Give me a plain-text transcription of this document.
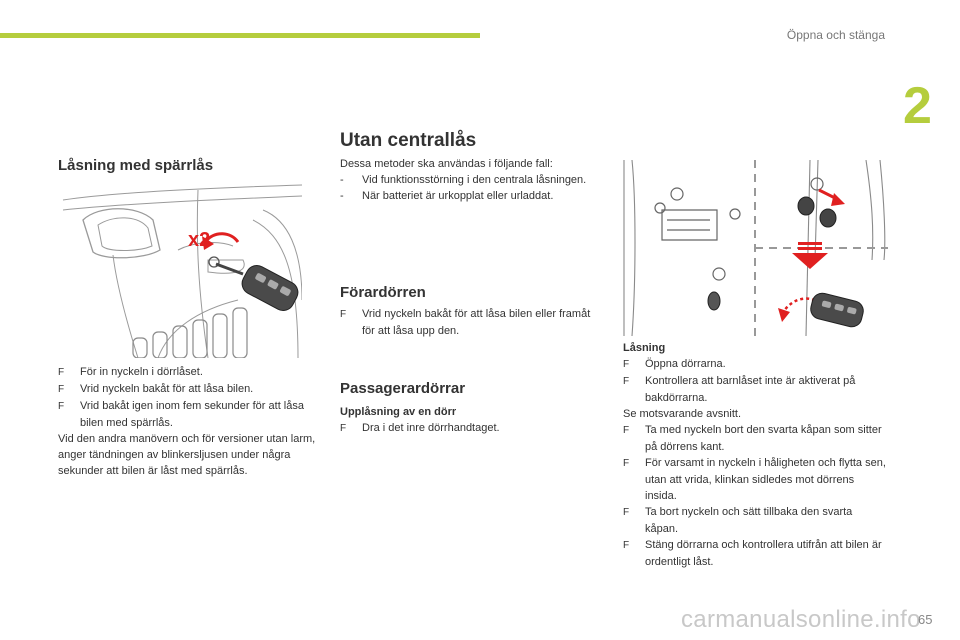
Öppna och stänga
2
Låsning med spärrlås
x2

F För in nyckeln i dörrlåset.

F Vrid nyckeln bakåt för att låsa bilen.

F Vrid bakåt igen inom fem sekunder för att låsa bilen med spärrlås.

Vid den andra manövern och för versioner utan larm, anger tändningen av blinkersljusen under några sekunder att bilen är låst med spärrlås.

Utan centrallås

Dessa metoder ska användas i följande fall:

- Vid funktionsstörning i den centrala låsningen.

- När batteriet är urkopplat eller urladdat.

Förardörren

F Vrid nyckeln bakåt för att låsa bilen eller framåt för att låsa upp den.

Passagerardörrar

Upplåsning av en dörr

F Dra i det inre dörrhandtaget.

Låsning

F Öppna dörrarna.

F Kontrollera att barnlåset inte är aktiverat på bakdörrarna.

Se motsvarande avsnitt.

F Ta med nyckeln bort den svarta kåpan som sitter på dörrens kant.

F För varsamt in nyckeln i håligheten och flytta sen, utan att vrida, klinkan sidledes mot dörrens insida.

F Ta bort nyckeln och sätt tillbaka den svarta kåpan.

F Stäng dörrarna och kontrollera utifrån att bilen är ordentligt låst.

carmanualsonline.info
65
